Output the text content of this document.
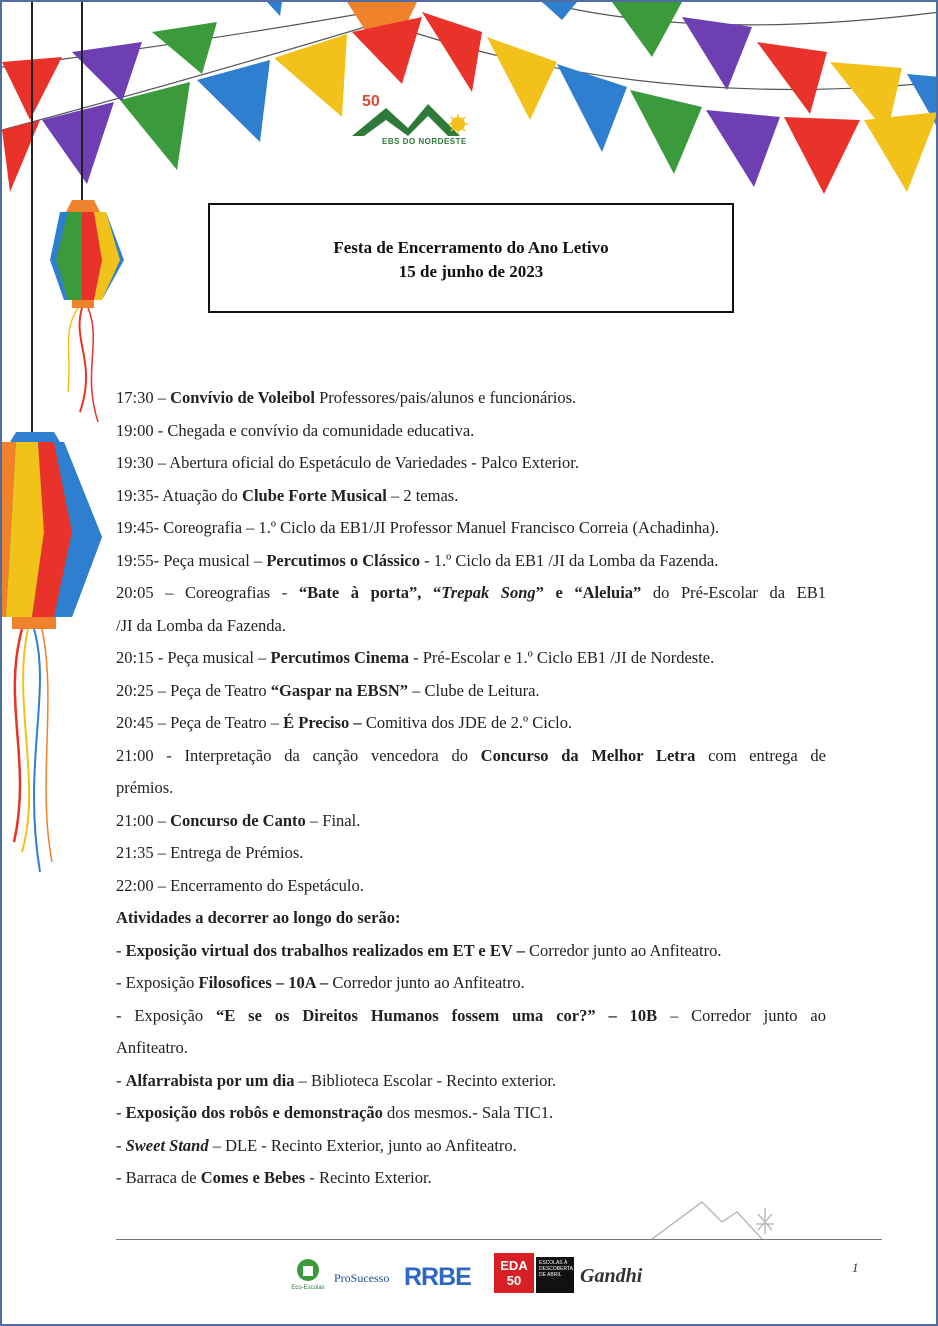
50
EBS DO NORDESTE
Festa de Encerramento do Ano Letivo
15 de junho de 2023
17:30 – Convívio de Voleibol Professores/pais/alunos e funcionários.
19:00 - Chegada e convívio da comunidade educativa.
19:30 – Abertura oficial do Espetáculo de Variedades - Palco Exterior.
19:35- Atuação do Clube Forte Musical – 2 temas.
19:45- Coreografia – 1.º Ciclo da EB1/JI Professor Manuel Francisco Correia (Achadinha).
19:55- Peça musical – Percutimos o Clássico - 1.º Ciclo da EB1 /JI da Lomba da Fazenda.
20:05 – Coreografias - “Bate à porta”, “Trepak Song” e “Aleluia” do Pré-Escolar da EB1
/JI da Lomba da Fazenda.
20:15 - Peça musical – Percutimos Cinema - Pré-Escolar e 1.º Ciclo EB1 /JI de Nordeste.
20:25 – Peça de Teatro “Gaspar na EBSN” – Clube de Leitura.
20:45 – Peça de Teatro – É Preciso – Comitiva dos JDE de 2.º Ciclo.
21:00 - Interpretação da canção vencedora do Concurso da Melhor Letra com entrega de
prémios.
21:00 – Concurso de Canto – Final.
21:35 – Entrega de Prémios.
22:00 – Encerramento do Espetáculo.
Atividades a decorrer ao longo do serão:
- Exposição virtual dos trabalhos realizados em ET e EV – Corredor junto ao Anfiteatro.
- Exposição Filosofices – 10A – Corredor junto ao Anfiteatro.
- Exposição “E se os Direitos Humanos fossem uma cor?” – 10B – Corredor junto ao
Anfiteatro.
- Alfarrabista por um dia – Biblioteca Escolar - Recinto exterior.
- Exposição dos robôs e demonstração dos mesmos.- Sala TIC1.
- Sweet Stand – DLE - Recinto Exterior, junto ao Anfiteatro.
- Barraca de Comes e Bebes - Recinto Exterior.
Eco-Escolas
ProSucesso RRBE	EDA 50
ESCOLAS À DESCOBERTA DE ABRIL Gandhi	1
